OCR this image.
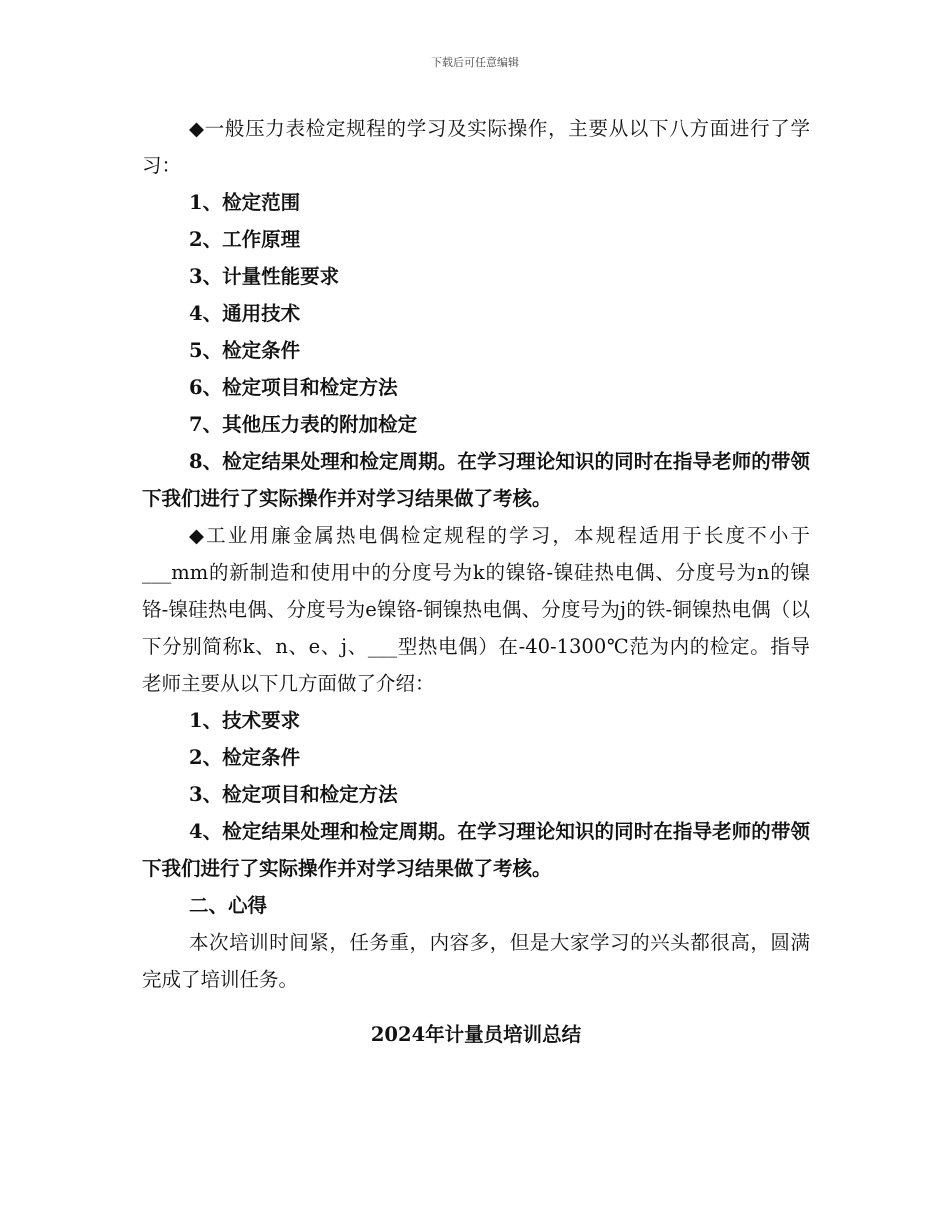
下载后可任意编辑

◆一般压力表检定规程的学习及实际操作，主要从以下八方面进行了学习：

1、检定范围

2、工作原理

3、计量性能要求

4、通用技术

5、检定条件

6、检定项目和检定方法

7、其他压力表的附加检定

8、检定结果处理和检定周期。在学习理论知识的同时在指导老师的带领下我们进行了实际操作并对学习结果做了考核。

◆工业用廉金属热电偶检定规程的学习，本规程适用于长度不小于___mm的新制造和使用中的分度号为k的镍铬-镍硅热电偶、分度号为n的镍铬-镍硅热电偶、分度号为e镍铬-铜镍热电偶、分度号为j的铁-铜镍热电偶（以下分别简称k、n、e、j、___型热电偶）在-40-1300℃范为内的检定。指导老师主要从以下几方面做了介绍：

1、技术要求

2、检定条件

3、检定项目和检定方法

4、检定结果处理和检定周期。在学习理论知识的同时在指导老师的带领下我们进行了实际操作并对学习结果做了考核。

二、心得

本次培训时间紧，任务重，内容多，但是大家学习的兴头都很高，圆满完成了培训任务。

2024年计量员培训总结
